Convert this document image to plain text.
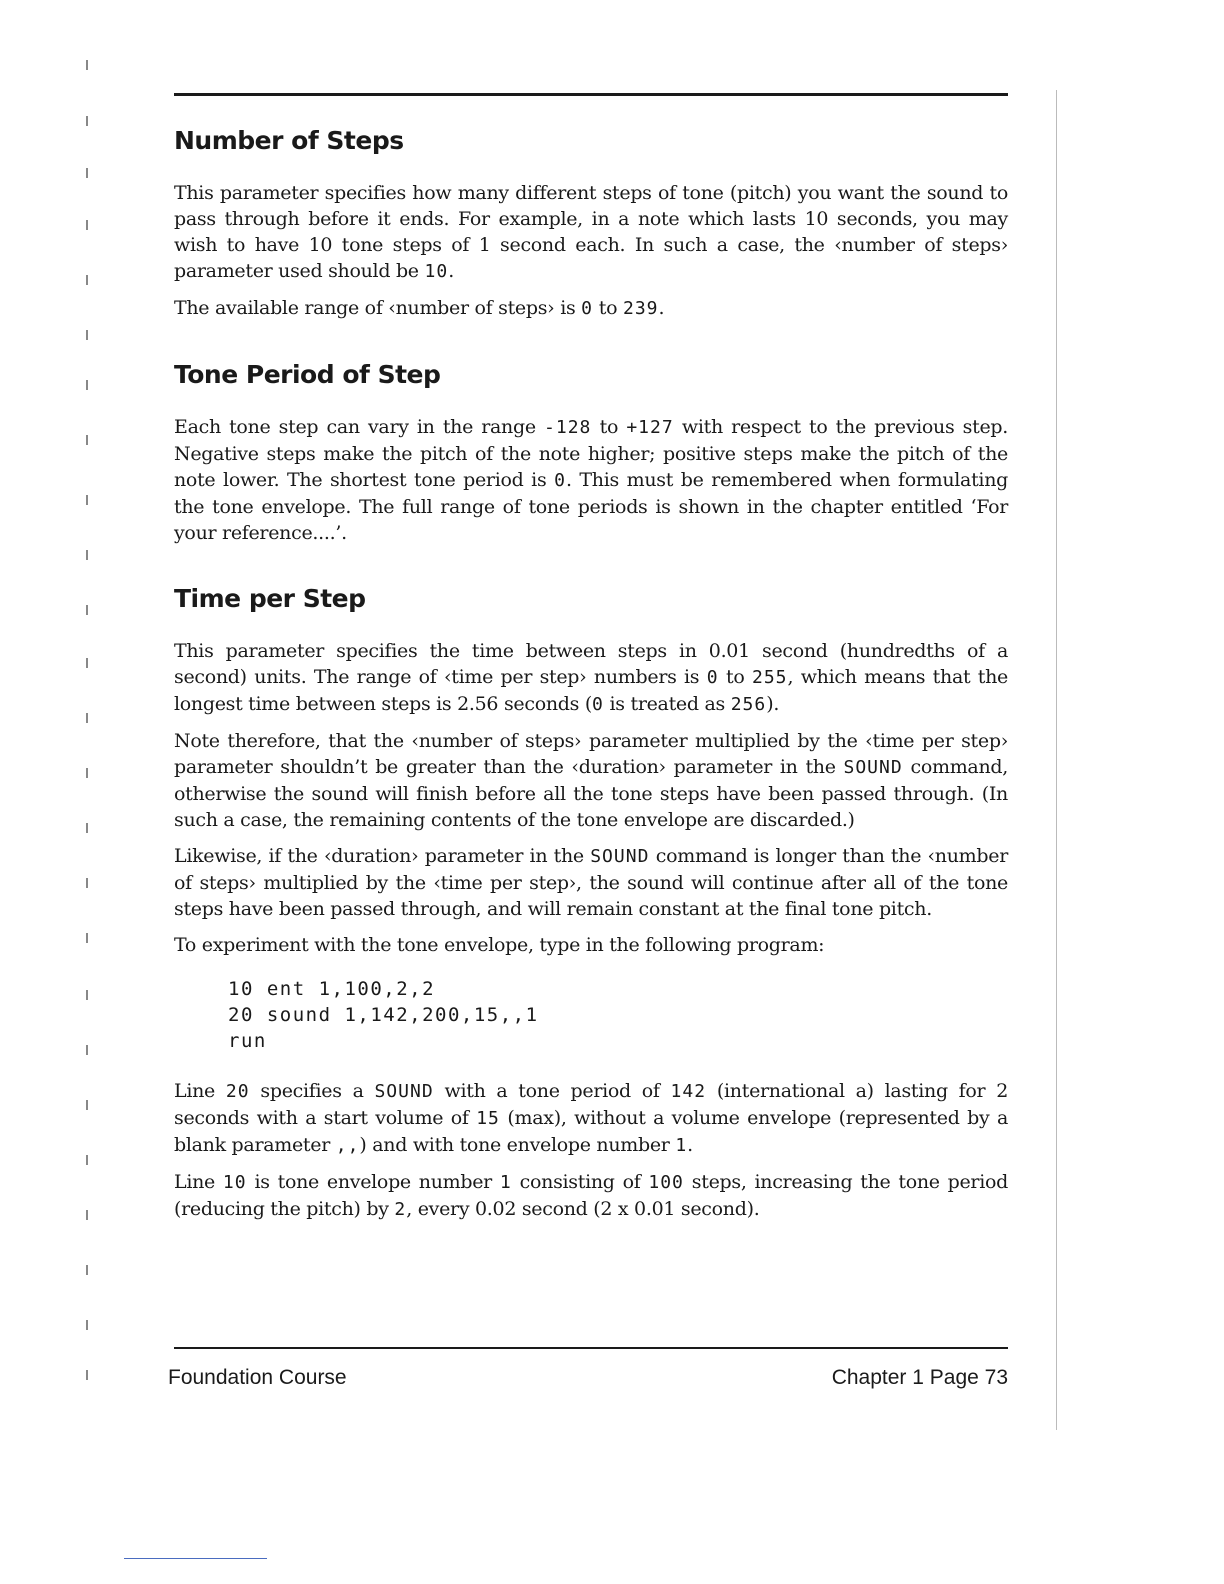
Number of Steps

This parameter specifies how many different steps of tone (pitch) you want the sound to pass through before it ends. For example, in a note which lasts 10 seconds, you may wish to have 10 tone steps of 1 second each. In such a case, the ‹number of steps› parameter used should be 10.

The available range of ‹number of steps› is 0 to 239.

Tone Period of Step

Each tone step can vary in the range -128 to +127 with respect to the previous step. Negative steps make the pitch of the note higher; positive steps make the pitch of the note lower. The shortest tone period is 0. This must be remembered when formulating the tone envelope. The full range of tone periods is shown in the chapter entitled ‘For your reference....’.

Time per Step

This parameter specifies the time between steps in 0.01 second (hundredths of a second) units. The range of ‹time per step› numbers is 0 to 255, which means that the longest time between steps is 2.56 seconds (0 is treated as 256).

Note therefore, that the ‹number of steps› parameter multiplied by the ‹time per step› parameter shouldn’t be greater than the ‹duration› parameter in the SOUND command, otherwise the sound will finish before all the tone steps have been passed through. (In such a case, the remaining contents of the tone envelope are discarded.)

Likewise, if the ‹duration› parameter in the SOUND command is longer than the ‹number of steps› multiplied by the ‹time per step›, the sound will continue after all of the tone steps have been passed through, and will remain constant at the final tone pitch.

To experiment with the tone envelope, type in the following program:

10 ent 1,100,2,2
20 sound 1,142,200,15,,1
run

Line 20 specifies a SOUND with a tone period of 142 (international a) lasting for 2 seconds with a start volume of 15 (max), without a volume envelope (represented by a blank parameter ,,) and with tone envelope number 1.

Line 10 is tone envelope number 1 consisting of 100 steps, increasing the tone period (reducing the pitch) by 2, every 0.02 second (2 x 0.01 second).

Foundation Course	Chapter 1 Page 73
